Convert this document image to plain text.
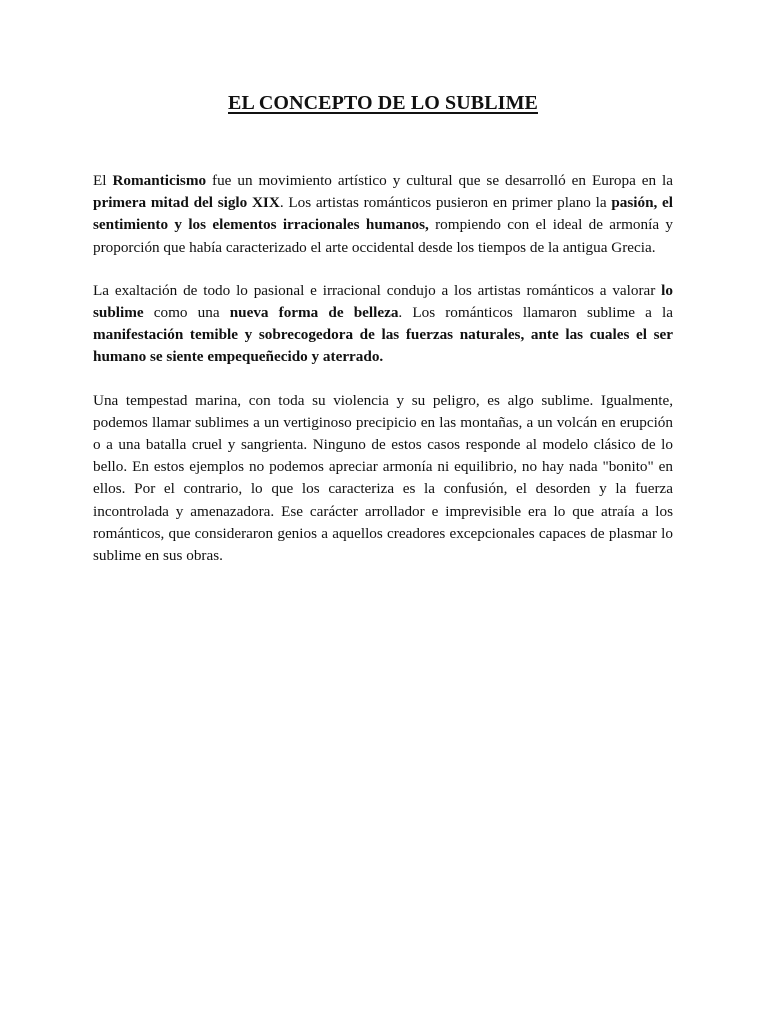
EL CONCEPTO DE LO SUBLIME

El Romanticismo fue un movimiento artístico y cultural que se desarrolló en Europa en la primera mitad del siglo XIX. Los artistas románticos pusieron en primer plano la pasión, el sentimiento y los elementos irracionales humanos, rompiendo con el ideal de armonía y proporción que había caracterizado el arte occidental desde los tiempos de la antigua Grecia.

La exaltación de todo lo pasional e irracional condujo a los artistas románticos a valorar lo sublime como una nueva forma de belleza. Los románticos llamaron sublime a la manifestación temible y sobrecogedora de las fuerzas naturales, ante las cuales el ser humano se siente empequeñecido y aterrado.

Una tempestad marina, con toda su violencia y su peligro, es algo sublime. Igualmente, podemos llamar sublimes a un vertiginoso precipicio en las montañas, a un volcán en erupción o a una batalla cruel y sangrienta. Ninguno de estos casos responde al modelo clásico de lo bello. En estos ejemplos no podemos apreciar armonía ni equilibrio, no hay nada "bonito" en ellos. Por el contrario, lo que los caracteriza es la confusión, el desorden y la fuerza incontrolada y amenazadora. Ese carácter arrollador e imprevisible era lo que atraía a los románticos, que consideraron genios a aquellos creadores excepcionales capaces de plasmar lo sublime en sus obras.
